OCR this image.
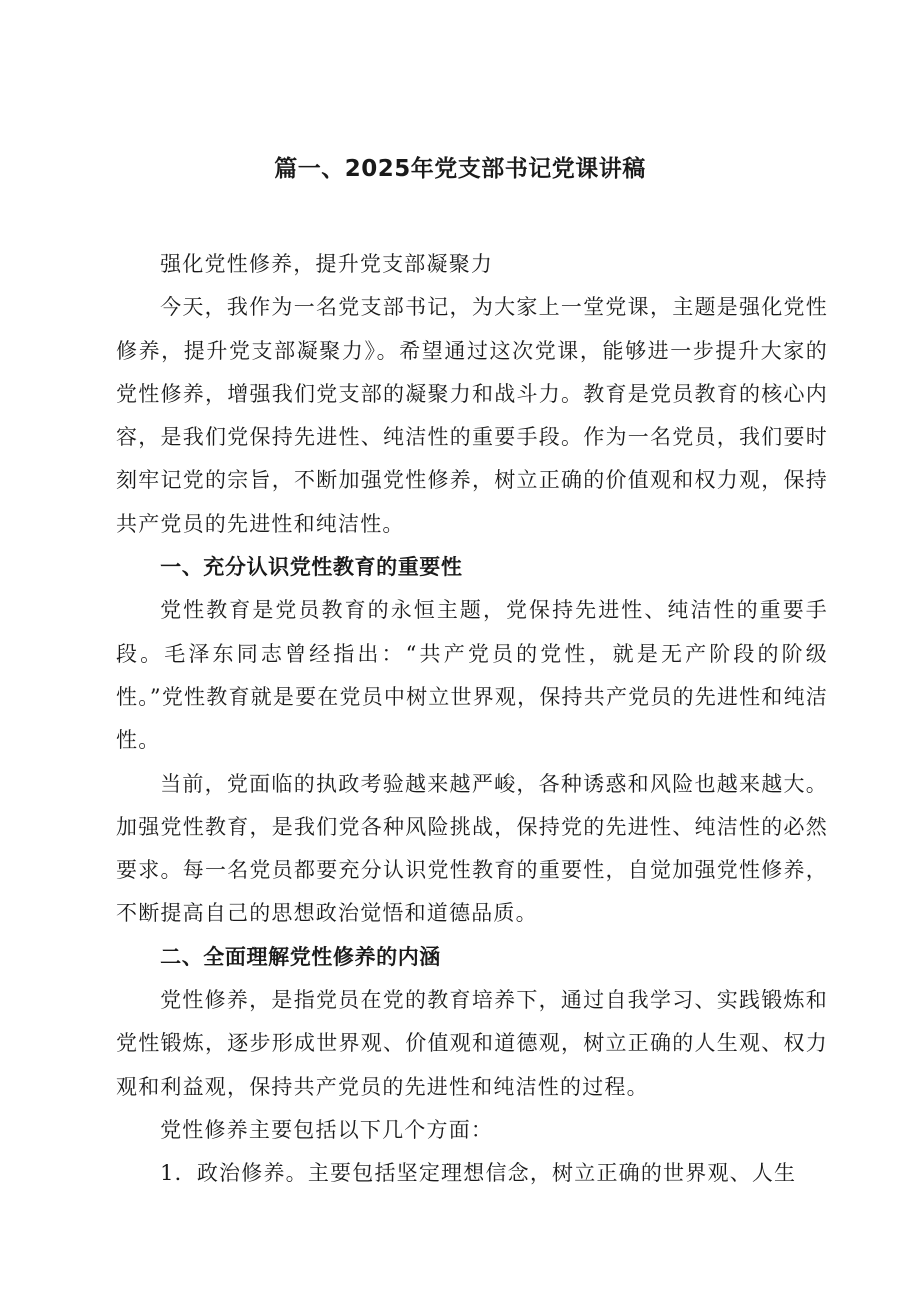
篇一、2025年党支部书记党课讲稿

强化党性修养，提升党支部凝聚力

今天，我作为一名党支部书记，为大家上一堂党课，主题是强化党性修养，提升党支部凝聚力》。希望通过这次党课，能够进一步提升大家的党性修养，增强我们党支部的凝聚力和战斗力。教育是党员教育的核心内容，是我们党保持先进性、纯洁性的重要手段。作为一名党员，我们要时刻牢记党的宗旨，不断加强党性修养，树立正确的价值观和权力观，保持共产党员的先进性和纯洁性。

一、充分认识党性教育的重要性

党性教育是党员教育的永恒主题，党保持先进性、纯洁性的重要手段。毛泽东同志曾经指出：“共产党员的党性，就是无产阶段的阶级性。”党性教育就是要在党员中树立世界观，保持共产党员的先进性和纯洁性。

当前，党面临的执政考验越来越严峻，各种诱惑和风险也越来越大。加强党性教育，是我们党各种风险挑战，保持党的先进性、纯洁性的必然要求。每一名党员都要充分认识党性教育的重要性，自觉加强党性修养，不断提高自己的思想政治觉悟和道德品质。

二、全面理解党性修养的内涵

党性修养，是指党员在党的教育培养下，通过自我学习、实践锻炼和党性锻炼，逐步形成世界观、价值观和道德观，树立正确的人生观、权力观和利益观，保持共产党员的先进性和纯洁性的过程。

党性修养主要包括以下几个方面：

1．政治修养。主要包括坚定理想信念，树立正确的世界观、人生
